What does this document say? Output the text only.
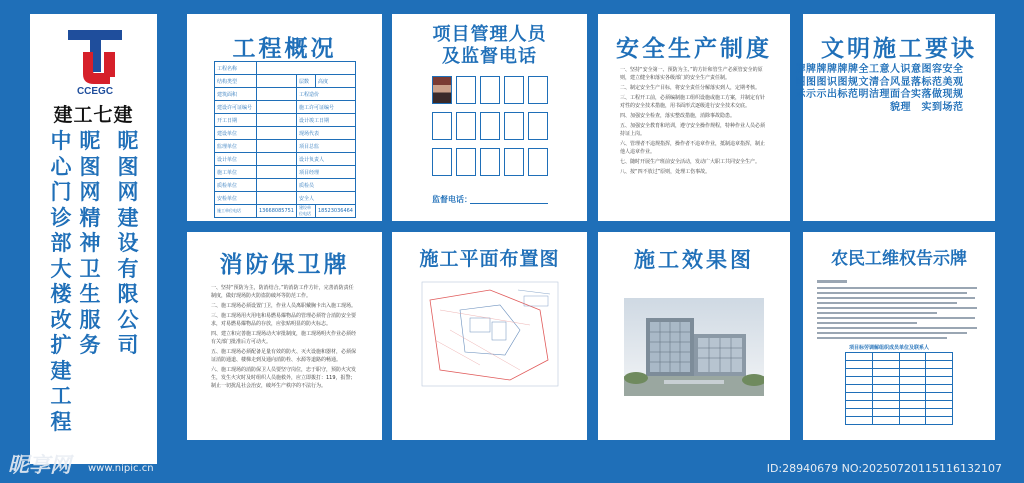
CCEGC
建工七建
中心门诊部大楼改扩建工程
昵图网精神卫生服务
昵图网建设有限公司
工程概况
工程名称			
结构类型		层数	高度
建筑面积		工程造价	
建设许可证编号		施工许可证编号	
开工日期		设计竣工日期	
建设单位		现场代表	
监理单位		项目总监	
设计单位		设计负责人	
施工单位		项目经理	
质检单位		质检员	
安检单位		安全人	
施工单位电话	13668085751	建设单位电话	18523036464
项目管理人员
及监督电话
监督电话：
安全生产制度
一、坚持“安全第一、预防为主、”的方针和管生产必须管安全的原则，建立健全和落实各级部门的安全生产责任制。
二、制定安全生产目标，将安全责任分解落实到人，定期考核。
三、工程开工前，必须编制施工组织设施或施工方案，并制定有针对性的安全技术措施，用书面形式逐级进行安全技术交底。
四、加强安全检查，落实整改措施，消除事故隐患。
五、加强安全教育和培训，遵守安全操作规程，特种作业人员必须持证上岗。
六、管理者不违规指挥，操作者不违章作业，抵制违章指挥，制止他人违章作业。
七、随时开展生产班前安全活动，发动广大职工共同安全生产。
八、按“四不放过”原则，处理工伤事故。
文明施工要诀
全观规范
安美现场
容范做到
图标落实
意落实
识显合理
人风面貌
意合理
工清洁
全文明
牌规范
牌图标
牌识出
牌图示
牌图示
牌图示
消防保卫牌
一、坚持“预防为主，防消结合。”的消防工作方针，完善消防责任制度，做好现场防火防盗防破坏等防范工作。
二、施工现场必须设置门卫，作业人员离职戴胸卡出入施工现场。
三、施工现场用火用电和易燃易爆物品的管理必须符合消防安全要求，对易燃易爆物品的存放，应张贴明显的防火标志。
四、建立和完善施工现场动火审批制度，施工现场明火作业必须经有关部门批准后方可动火。
五、施工现场必须配备足量有效的防火、灭火设施和器材，必须保证消防通道、楼梯走到及通向消防栓、水源等道路的畅通。
六、施工现场的消防保卫人员要坚守岗位，忠于职守，预防火灾发生，发生火灾时及时组织人员施救外，应立即拨打：119，报警；制止一切扰乱社会治安，破坏生产秩序的不法行为。
施工平面布置图	施工效果图	农民工维权告示牌
项目标劳调解组织成员单位及联系人

昵享网 www.nipic.cn	ID:28940679 NO:20250720115116132107
